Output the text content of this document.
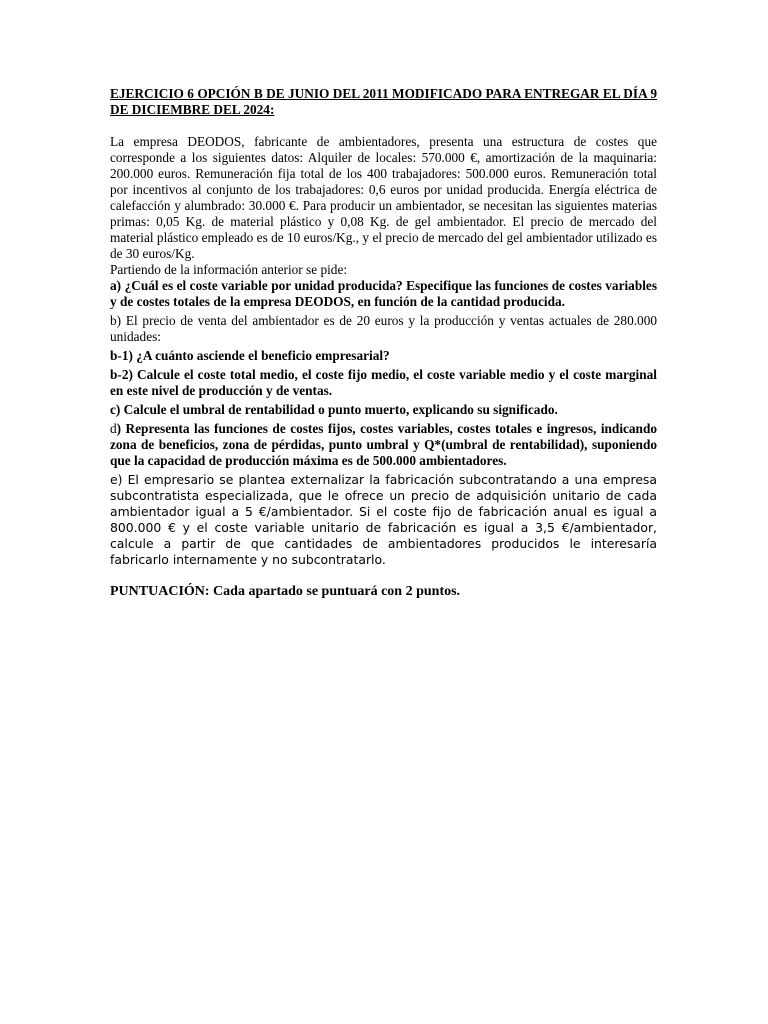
EJERCICIO 6 OPCIÓN B DE JUNIO DEL 2011 MODIFICADO PARA ENTREGAR EL DÍA 9 DE DICIEMBRE DEL 2024:

La empresa DEODOS, fabricante de ambientadores, presenta una estructura de costes que corresponde a los siguientes datos: Alquiler de locales: 570.000 €, amortización de la maquinaria: 200.000 euros. Remuneración fija total de los 400 trabajadores: 500.000 euros. Remuneración total por incentivos al conjunto de los trabajadores: 0,6 euros por unidad producida. Energía eléctrica de calefacción y alumbrado: 30.000 €. Para producir un ambientador, se necesitan las siguientes materias primas: 0,05 Kg. de material plástico y 0,08 Kg. de gel ambientador. El precio de mercado del material plástico empleado es de 10 euros/Kg., y el precio de mercado del gel ambientador utilizado es de 30 euros/Kg.

Partiendo de la información anterior se pide:

a) ¿Cuál es el coste variable por unidad producida? Especifique las funciones de costes variables y de costes totales de la empresa DEODOS, en función de la cantidad producida.

b) El precio de venta del ambientador es de 20 euros y la producción y ventas actuales de 280.000 unidades:

b-1) ¿A cuánto asciende el beneficio empresarial?

b-2) Calcule el coste total medio, el coste fijo medio, el coste variable medio y el coste marginal en este nivel de producción y de ventas.

c) Calcule el umbral de rentabilidad o punto muerto, explicando su significado.

d) Representa las funciones de costes fijos, costes variables, costes totales e ingresos, indicando zona de beneficios, zona de pérdidas, punto umbral y Q*(umbral de rentabilidad), suponiendo que la capacidad de producción máxima es de 500.000 ambientadores.

e) El empresario se plantea externalizar la fabricación subcontratando a una empresa subcontratista especializada, que le ofrece un precio de adquisición unitario de cada ambientador igual a 5 €/ambientador. Si el coste fijo de fabricación anual es igual a 800.000 € y el coste variable unitario de fabricación es igual a 3,5 €/ambientador, calcule a partir de que cantidades de ambientadores producidos le interesaría fabricarlo internamente y no subcontratarlo.

PUNTUACIÓN: Cada apartado se puntuará con 2 puntos.
